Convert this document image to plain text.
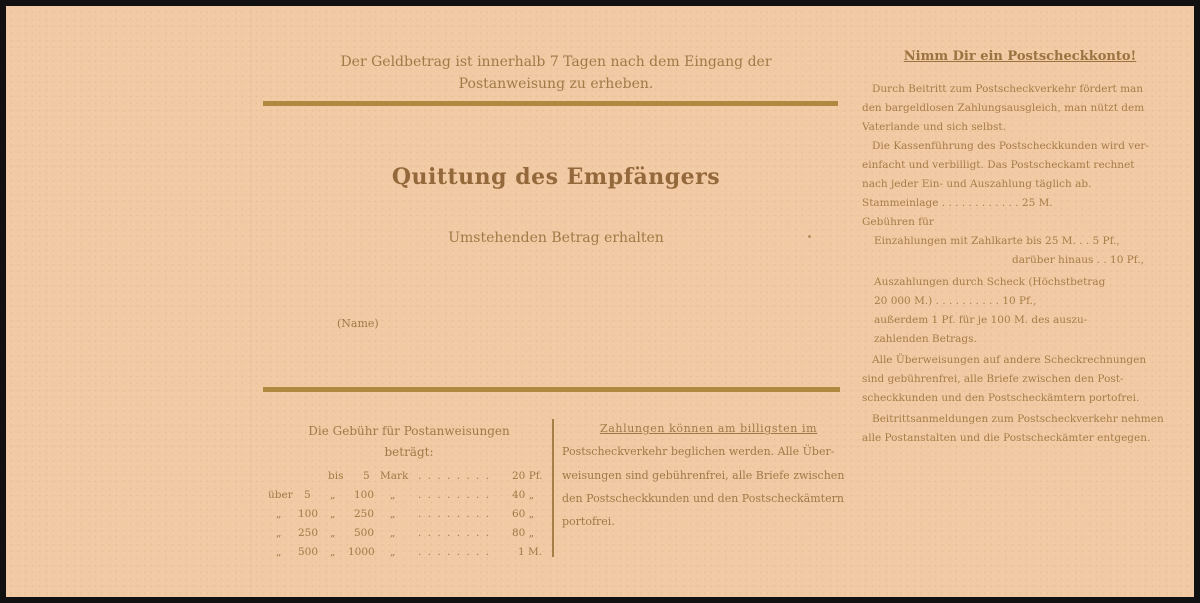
Der Geldbetrag ist innerhalb 7 Tagen nach dem Eingang der
Postanweisung zu erheben.
Quittung des Empfängers
Umstehenden Betrag erhalten
(Name)
Die Gebühr für Postanweisungen
beträgt:
bis 5 Mark . . . . . . . . 20 Pf.
über 5 „ 100 „ . . . . . . . . 40 „
„ 100 „ 250 „ . . . . . . . . 60 „
„ 250 „ 500 „ . . . . . . . . 80 „
„ 500 „ 1000 „ . . . . . . . .	1 M.
Zahlungen können am billigsten im
Postscheckverkehr beglichen werden. Alle Über-
weisungen sind gebührenfrei, alle Briefe zwischen
den Postscheckkunden und den Postscheckämtern
portofrei.
Nimm Dir ein Postscheckkonto!
Durch Beitritt zum Postscheckverkehr fördert man
den bargeldlosen Zahlungsausgleich, man nützt dem
Vaterlande und sich selbst.
Die Kassenführung des Postscheckkunden wird ver-
einfacht und verbilligt. Das Postscheckamt rechnet
nach jeder Ein- und Auszahlung täglich ab.
Stammeinlage . . . . . . . . . . . . 25 M.
Gebühren für
Einzahlungen mit Zahlkarte bis 25 M. . . 5 Pf.,
darüber hinaus . . 10 Pf.,
Auszahlungen durch Scheck (Höchstbetrag
20 000 M.) . . . . . . . . . . 10 Pf.,
außerdem 1 Pf. für je 100 M. des auszu-
zahlenden Betrags.
Alle Überweisungen auf andere Scheckrechnungen
sind gebührenfrei, alle Briefe zwischen den Post-
scheckkunden und den Postscheckämtern portofrei.
Beitrittsanmeldungen zum Postscheckverkehr nehmen
alle Postanstalten und die Postscheckämter entgegen.
